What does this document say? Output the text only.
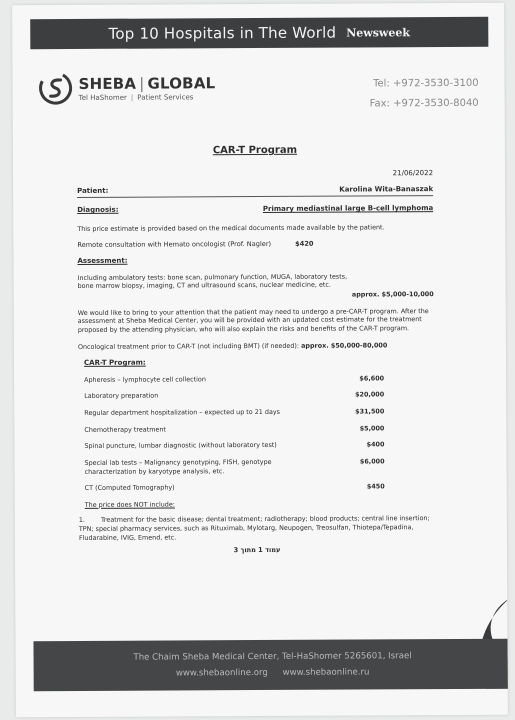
Top 10 Hospitals in The World Newsweek
SHEBA | GLOBAL
Tel HaShomer | Patient Services
Tel: +972-3530-3100
Fax: +972-3530-8040
CAR-T Program
21/06/2022
Patient:	Karolina Wita-Banaszak
Diagnosis:	Primary mediastinal large B-cell lymphoma
This price estimate is provided based on the medical documents made available by the patient.
Remote consultation with Hemato oncologist (Prof. Nagler)	$420
Assessment:
Including ambulatory tests: bone scan, pulmonary function, MUGA, laboratory tests, bone marrow biopsy, imaging, CT and ultrasound scans, nuclear medicine, etc.
approx. $5,000-10,000
We would like to bring to your attention that the patient may need to undergo a pre-CAR-T program. After the assessment at Sheba Medical Center, you will be provided with an updated cost estimate for the treatment proposed by the attending physician, who will also explain the risks and benefits of the CAR-T program.
Oncological treatment prior to CAR-T (not including BMT) (if needed): approx. $50,000-80,000
CAR-T Program:
Apheresis – lymphocyte cell collection	$6,600
Laboratory preparation	$20,000
Regular department hospitalization – expected up to 21 days	$31,500
Chemotherapy treatment	$5,000
Spinal puncture, lumbar diagnostic (without laboratory test)	$400
Special lab tests – Malignancy genotyping, FISH, genotype characterization by karyotype analysis, etc.
$6,000
CT (Computed Tomography)	$450
The price does NOT include:
1. Treatment for the basic disease; dental treatment; radiotherapy; blood products; central line insertion; TPN; special pharmacy services, such as Rituximab, Mylotarg, Neupogen, Treosulfan, Thiotepa/Tepadina, Fludarabine, IVIG, Emend, etc.
עמוד 1 מתוך 3
The Chaim Sheba Medical Center, Tel-HaShomer 5265601, Israel
www.shebaonline.org www.shebaonline.ru
